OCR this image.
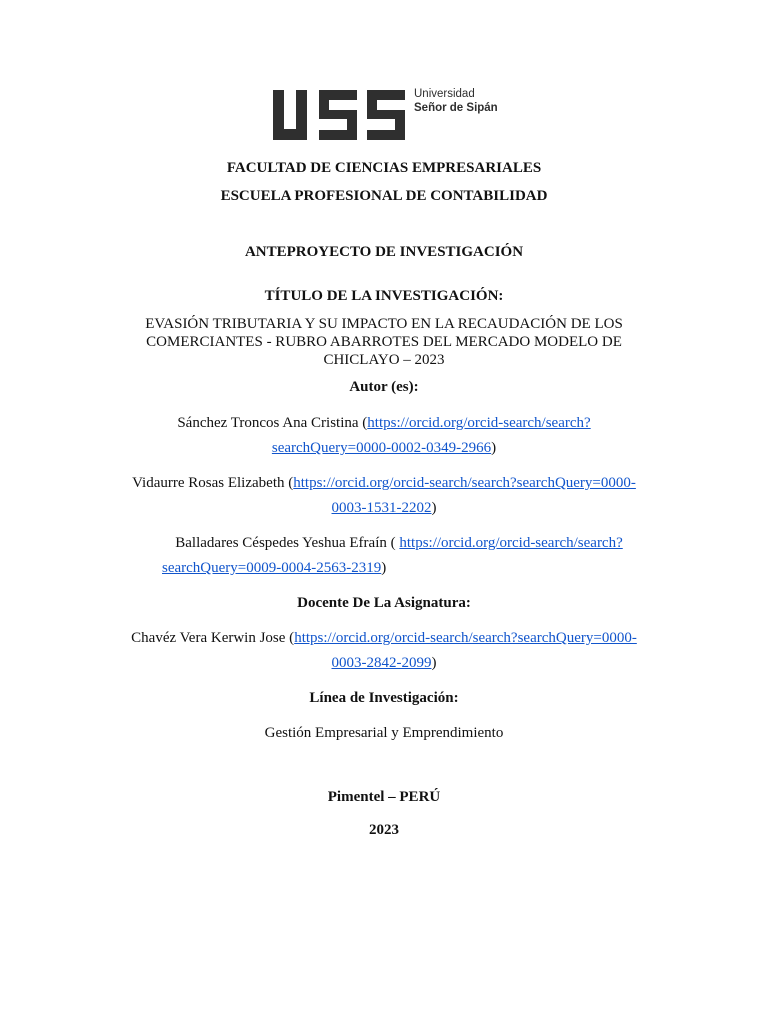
Universidad
Señor de Sipán

FACULTAD DE CIENCIAS EMPRESARIALES

ESCUELA PROFESIONAL DE CONTABILIDAD

ANTEPROYECTO DE INVESTIGACIÓN

TÍTULO DE LA INVESTIGACIÓN:

EVASIÓN TRIBUTARIA Y SU IMPACTO EN LA RECAUDACIÓN DE LOS
COMERCIANTES - RUBRO ABARROTES DEL MERCADO MODELO DE
CHICLAYO – 2023

Autor (es):

Sánchez Troncos Ana Cristina (https://orcid.org/orcid-search/search?

searchQuery=0000-0002-0349-2966)

Vidaurre Rosas Elizabeth (https://orcid.org/orcid-search/search?searchQuery=0000-

0003-1531-2202)

Balladares Céspedes Yeshua Efraín ( https://orcid.org/orcid-search/search?

searchQuery=0009-0004-2563-2319)

Docente De La Asignatura:

Chavéz Vera Kerwin Jose (https://orcid.org/orcid-search/search?searchQuery=0000-

0003-2842-2099)

Línea de Investigación:

Gestión Empresarial y Emprendimiento

Pimentel – PERÚ

2023
